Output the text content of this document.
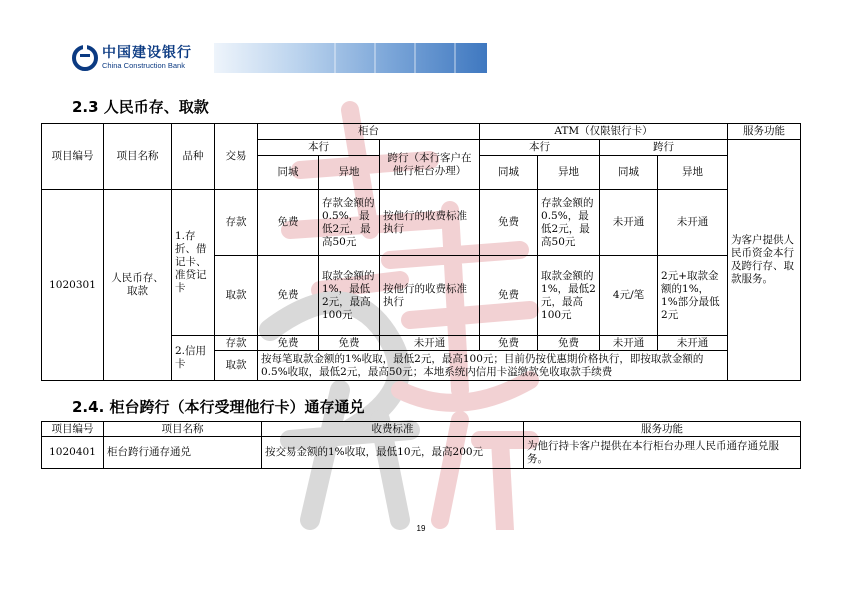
中国建设银行
China Construction Bank
2.3 人民币存、取款
项目编号	项目名称	品种	交易	柜台			ATM（仅限银行卡）				服务功能
				本行		跨行（本行客户在他行柜台办理）	本行		跨行		为客户提供人民币资金本行及跨行存、取款服务。
				同城	异地		同城	异地	同城	异地	
1020301	人民币存、取款	1.存折、借记卡、准贷记卡	存款	免费	存款金额的0.5%，最低2元，最高50元	按他行的收费标准执行	免费	存款金额的0.5%，最低2元，最高50元	未开通	未开通	
			取款	免费	取款金额的1%，最低2元，最高100元	按他行的收费标准执行	免费	取款金额的1%，最低2元，最高100元	4元/笔	2元+取款金额的1%，1%部分最低2元	
		2.信用卡	存款	免费	免费	未开通	免费	免费	未开通	未开通	
			取款	按每笔取款金额的1%收取，最低2元，最高100元；目前仍按优惠期价格执行，即按取款金额的0.5%收取，最低2元，最高50元；本地系统内信用卡溢缴款免收取款手续费							
2.4. 柜台跨行（本行受理他行卡）通存通兑
项目编号	项目名称	收费标准	服务功能
1020401	柜台跨行通存通兑	按交易金额的1%收取，最低10元，最高200元	为他行持卡客户提供在本行柜台办理人民币通存通兑服务。
19
